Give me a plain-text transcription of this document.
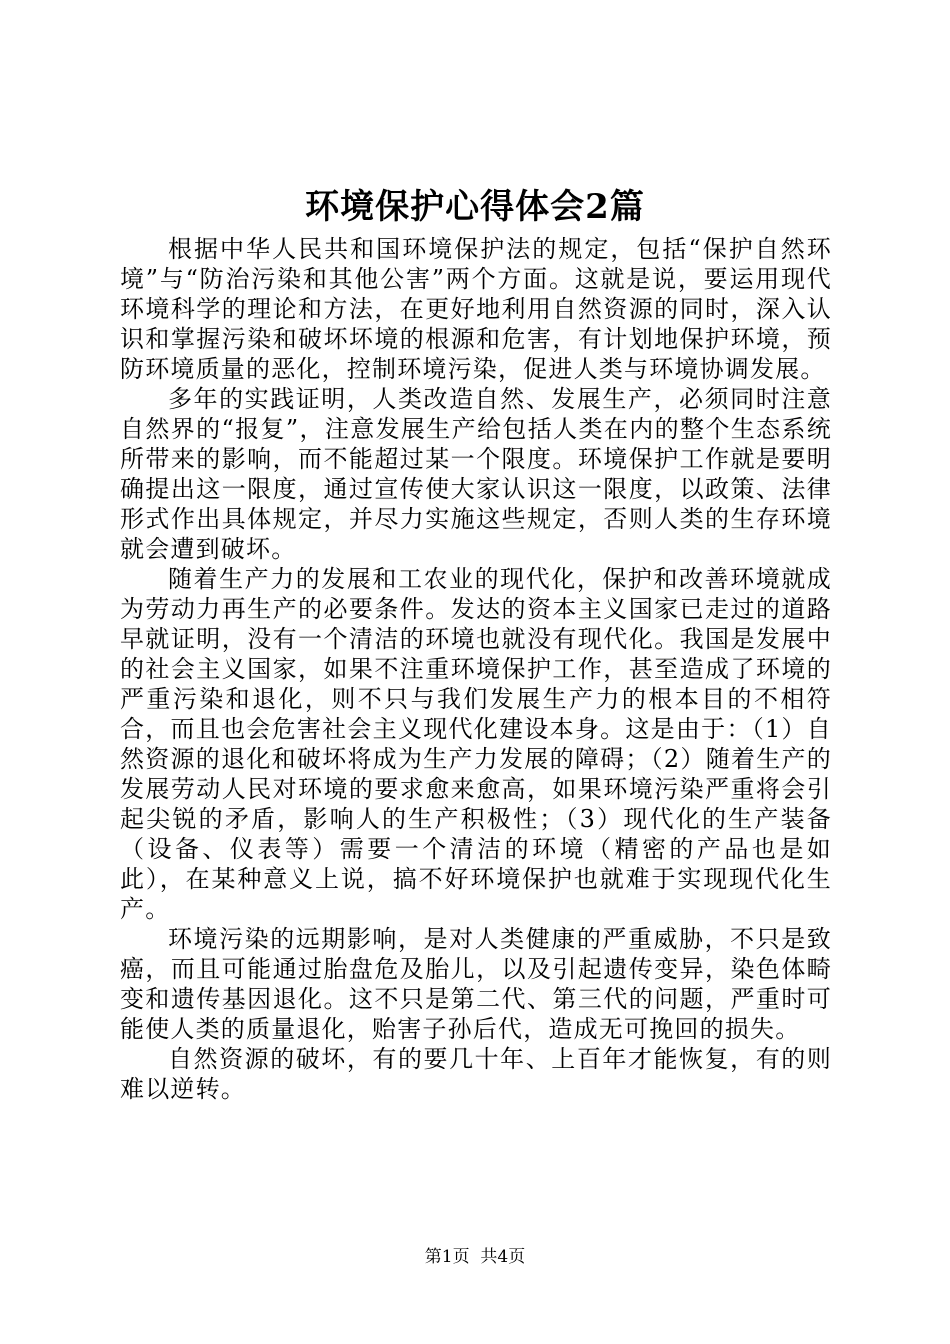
环境保护心得体会2篇

根据中华人民共和国环境保护法的规定，包括“保护自然环境”与“防治污染和其他公害”两个方面。这就是说，要运用现代环境科学的理论和方法，在更好地利用自然资源的同时，深入认识和掌握污染和破坏坏境的根源和危害，有计划地保护环境，预防环境质量的恶化，控制环境污染，促进人类与环境协调发展。

多年的实践证明，人类改造自然、发展生产，必须同时注意自然界的“报复”，注意发展生产给包括人类在内的整个生态系统所带来的影响，而不能超过某一个限度。环境保护工作就是要明确提出这一限度，通过宣传使大家认识这一限度，以政策、法律形式作出具体规定，并尽力实施这些规定，否则人类的生存环境就会遭到破坏。

随着生产力的发展和工农业的现代化，保护和改善环境就成为劳动力再生产的必要条件。发达的资本主义国家已走过的道路早就证明，没有一个清洁的环境也就没有现代化。我国是发展中的社会主义国家，如果不注重环境保护工作，甚至造成了环境的严重污染和退化，则不只与我们发展生产力的根本目的不相符合，而且也会危害社会主义现代化建设本身。这是由于：（1）自然资源的退化和破坏将成为生产力发展的障碍；（2）随着生产的发展劳动人民对环境的要求愈来愈高，如果环境污染严重将会引起尖锐的矛盾，影响人的生产积极性；（3）现代化的生产装备（设备、仪表等）需要一个清洁的环境（精密的产品也是如此），在某种意义上说，搞不好环境保护也就难于实现现代化生产。

环境污染的远期影响，是对人类健康的严重威胁，不只是致癌，而且可能通过胎盘危及胎儿，以及引起遗传变异，染色体畸变和遗传基因退化。这不只是第二代、第三代的问题，严重时可能使人类的质量退化，贻害子孙后代，造成无可挽回的损失。

自然资源的破坏，有的要几十年、上百年才能恢复，有的则难以逆转。

第1页 共4页
